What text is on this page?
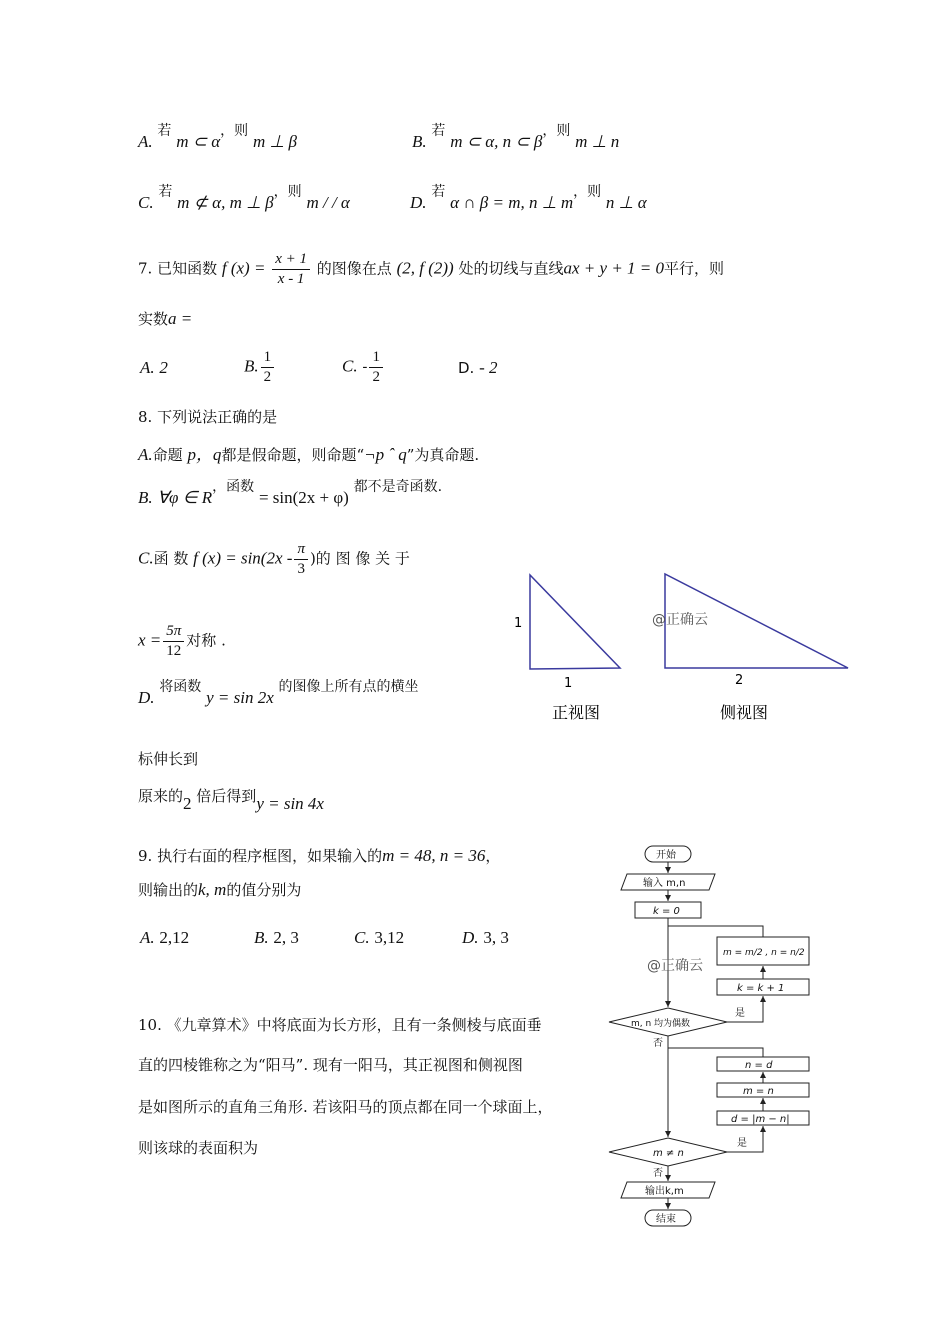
A. 若 m ⊂ α，则 m ⊥ β	B. 若 m ⊂ α, n ⊂ β，则 m ⊥ n
C. 若 m ⊄ α, m ⊥ β，则 m / / α	D. 若 α ∩ β = m, n ⊥ m，则 n ⊥ α
7. 已知函数 f $(x) = \frac{x + 1}{x - 1}$ 的图像在点 (2, f (2)) 处的切线与直线ax + y + 1 = 0平行，则
实数a =
A. 2	B. $\frac{1}{2}$	C. - $\frac{1}{2}$	D. - 2
8. 下列说法正确的是
A.命题 p，q都是假命题，则命题“¬p ˆ q”为真命题.
B. ∀φ ∈ R，函数 = sin(2x + φ) 都不是奇函数.
C.函 数 f $(x) = \sin(2x - \frac{\pi}{3}$ )的 图 像 关 于
$x = \frac{5\pi}{12}$ 对称 .
D. 将函数 y = sin 2x 的图像上所有点的横坐
标伸长到
原来的2 倍后得到y = sin 4x
1
1
正视图
@正确云
2
侧视图
9. 执行右面的程序框图，如果输入的m = 48, n = 36，
则输出的k, m的值分别为
A. 2,12	B. 2, 3	C. 3,12	D. 3, 3
10. 《九章算术》中将底面为长方形，且有一条侧棱与底面垂
直的四棱锥称之为“阳马”. 现有一阳马，其正视图和侧视图
是如图所示的直角三角形. 若该阳马的顶点都在同一个球面上，
则该球的表面积为
开始
输入 m,n
k = 0
m = m/2 , n = n/2
k = k + 1
m, n 均为偶数
是
否
n = d
m = n
d = |m − n|
m ≠ n
是
否
输出k,m
结束
@正确云
